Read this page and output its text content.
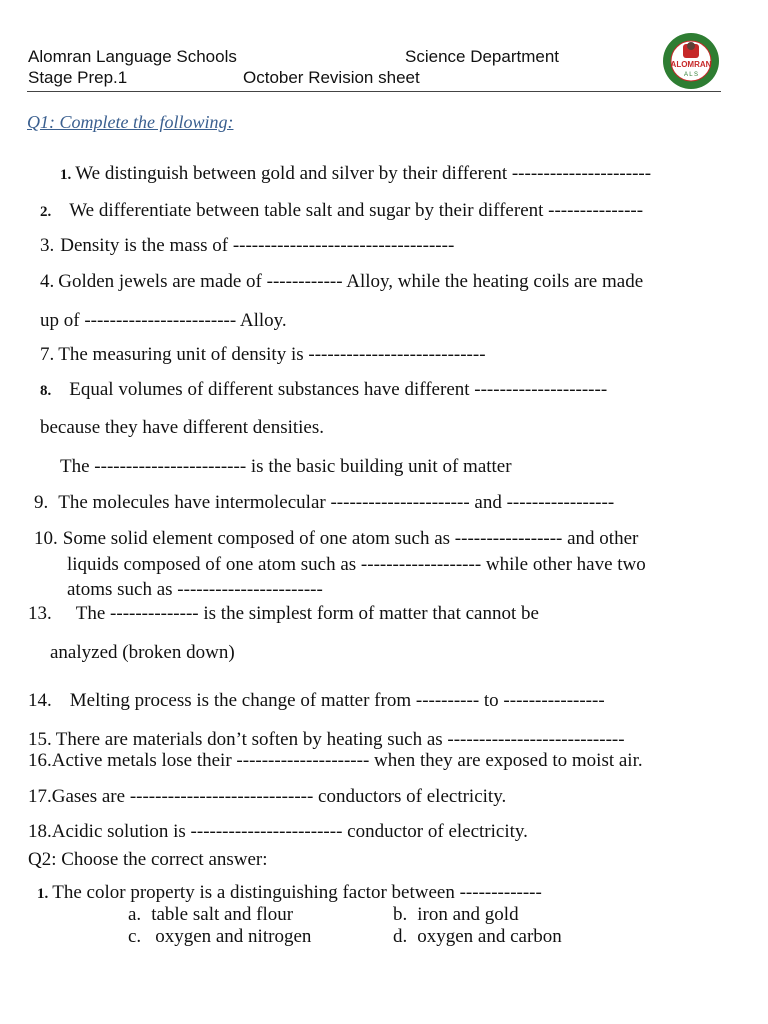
Alomran Language Schools	Science Department
Stage Prep.1	October Revision sheet
ALOMRAN
A L S
Q1: Complete the following:
1. We distinguish between gold and silver by their different ----------------------
2. We differentiate between table salt and sugar by their different ---------------
3. Density is the mass of -----------------------------------
4. Golden jewels are made of ------------ Alloy, while the heating coils are made
up of ------------------------ Alloy.
7. The measuring unit of density is ----------------------------
8. Equal volumes of different substances have different ---------------------
because they have different densities.
The ------------------------ is the basic building unit of matter
9. The molecules have intermolecular ---------------------- and -----------------
10. Some solid element composed of one atom such as ----------------- and other
liquids composed of one atom such as ------------------- while other have two
atoms such as -----------------------
13. The -------------- is the simplest form of matter that cannot be
analyzed (broken down)
14. Melting process is the change of matter from ---------- to ----------------
15. There are materials don’t soften by heating such as ----------------------------
16.Active metals lose their --------------------- when they are exposed to moist air.
17.Gases are ----------------------------- conductors of electricity.
18.Acidic solution is ------------------------ conductor of electricity.
Q2: Choose the correct answer:
1. The color property is a distinguishing factor between -------------
a. table salt and flour	b. iron and gold
c. oxygen and nitrogen	d. oxygen and carbon
